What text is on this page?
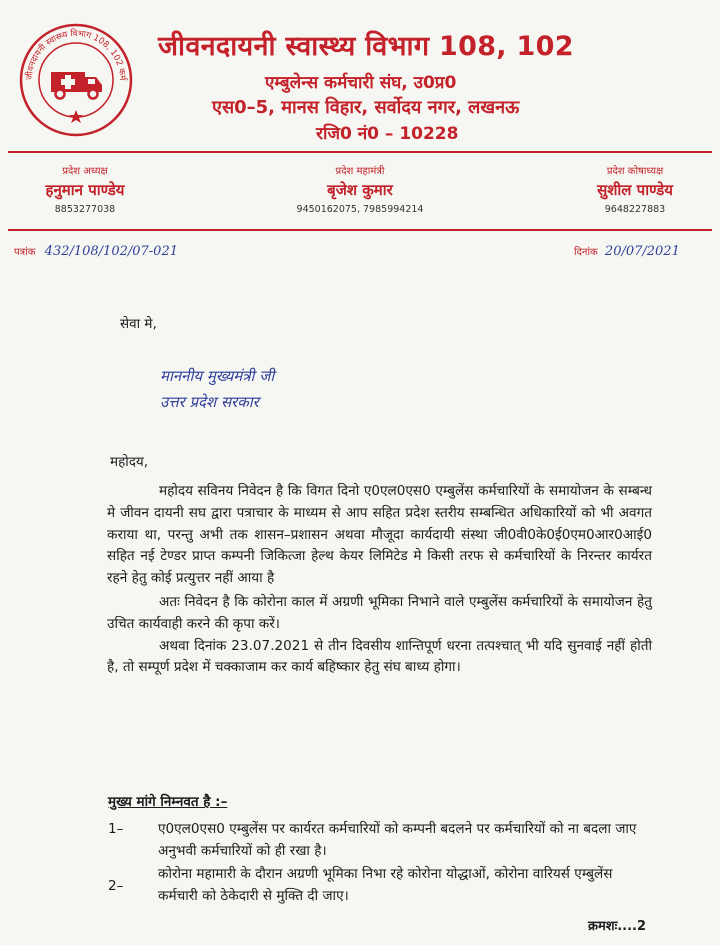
जीवनदायनी स्वास्थ्य विभाग 108, 102 कर्म
जीवनदायनी स्वास्थ्य विभाग 108, 102
एम्बुलेन्स कर्मचारी संघ, उ0प्र0
एस0–5, मानस विहार, सर्वोदय नगर, लखनऊ
रजि0 नं0 – 10228
प्रदेश अध्यक्ष
हनुमान पाण्डेय
8853277038
प्रदेश महामंत्री
बृजेश कुमार
9450162075, 7985994214
प्रदेश कोषाध्यक्ष
सुशील पाण्डेय
9648227883
पत्रांक 432/108/102/07-021	दिनांक 20/07/2021
सेवा मे,
माननीय मुख्यमंत्री जी
उत्तर प्रदेश सरकार
महोदय,

महोदय सविनय निवेदन है कि विगत दिनो ए0एल0एस0 एम्बुलेंस कर्मचारियों के समायोजन के सम्बन्ध मे जीवन दायनी सघ द्वारा पत्राचार के माध्यम से आप सहित प्रदेश स्तरीय सम्बन्धित अधिकारियों को भी अवगत कराया था, परन्तु अभी तक शासन–प्रशासन अथवा मौजूदा कार्यदायी संस्था जी0वी0के0ई0एम0आर0आई0 सहित नई टेण्डर प्राप्त कम्पनी जिकित्जा हेल्थ केयर लिमिटेड मे किसी तरफ से कर्मचारियों के निरन्तर कार्यरत रहने हेतु कोई प्रत्युत्तर नहीं आया है

अतः निवेदन है कि कोरोना काल में अग्रणी भूमिका निभाने वाले एम्बुलेंस कर्मचारियों के समायोजन हेतु उचित कार्यवाही करने की कृपा करें।

अथवा दिनांक 23.07.2021 से तीन दिवसीय शान्तिपूर्ण धरना तत्पश्चात् भी यदि सुनवाई नहीं होती है, तो सम्पूर्ण प्रदेश में चक्काजाम कर कार्य बहिष्कार हेतु संघ बाध्य होगा।

मुख्य मांगे निम्नवत है :–
1–	ए0एल0एस0 एम्बुलेंस पर कार्यरत कर्मचारियों को कम्पनी बदलने पर कर्मचारियों को ना बदला जाए अनुभवी कर्मचारियों को ही रखा है।
2–
कोरोना महामारी के दौरान अग्रणी भूमिका निभा रहे कोरोना योद्धाओं, कोरोना वारियर्स एम्बुलेंस कर्मचारी को ठेकेदारी से मुक्ति दी जाए।
क्रमशः....2
